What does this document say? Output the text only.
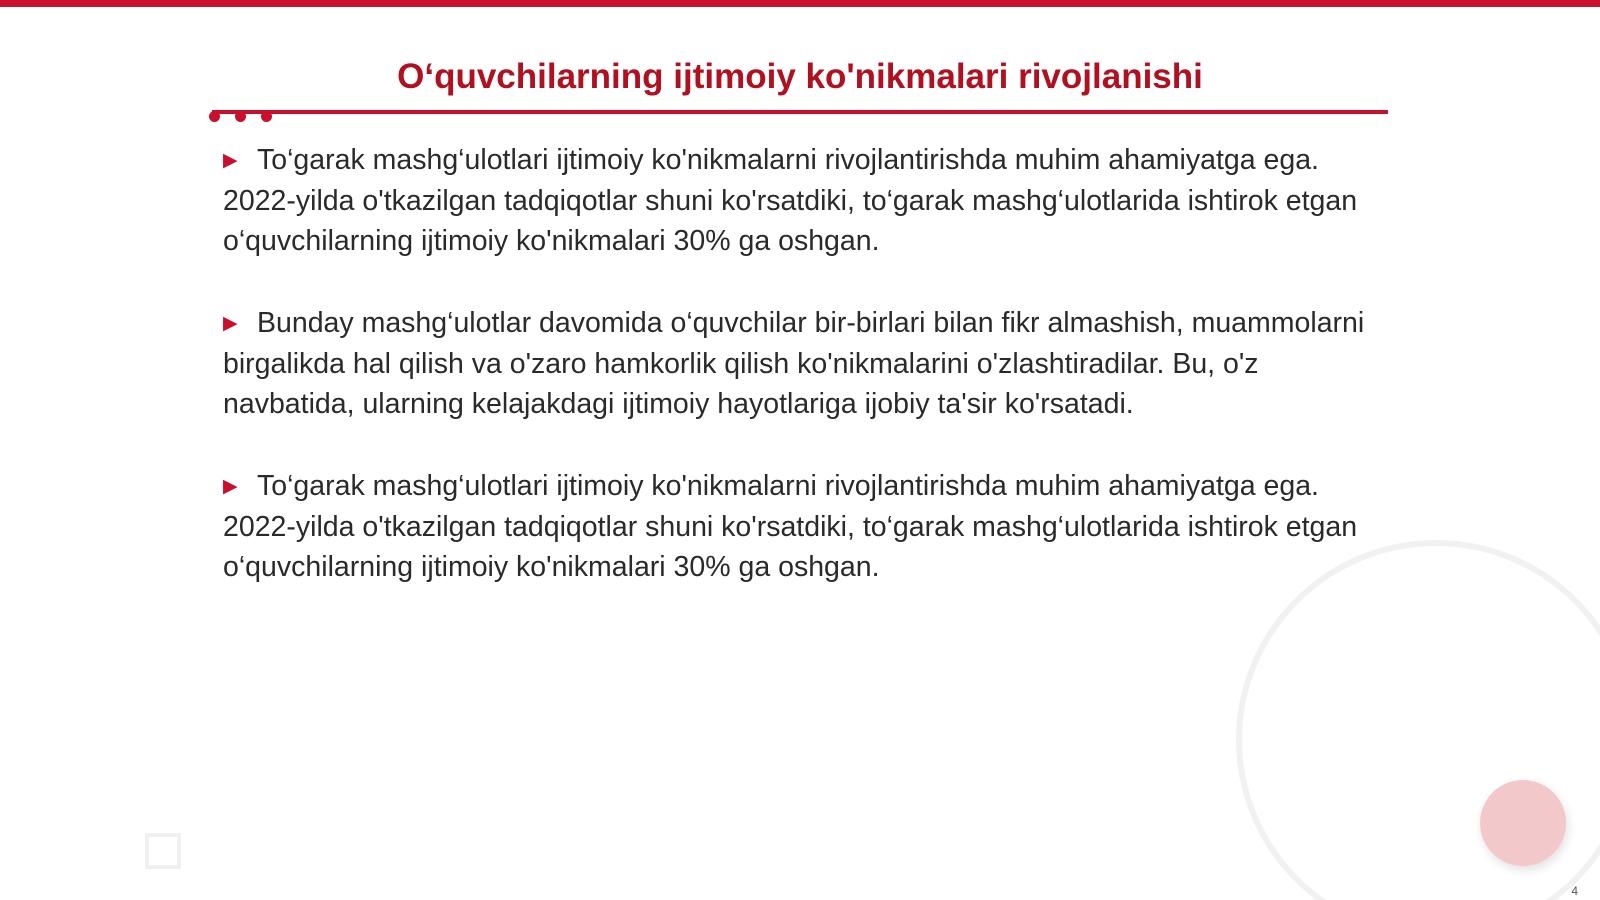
O‘quvchilarning ijtimoiy ko'nikmalari rivojlanishi

▶ To‘garak mashg‘ulotlari ijtimoiy ko'nikmalarni rivojlantirishda muhim ahamiyatga ega. 2022-yilda o'tkazilgan tadqiqotlar shuni ko'rsatdiki, to‘garak mashg‘ulotlarida ishtirok etgan o‘quvchilarning ijtimoiy ko'nikmalari 30% ga oshgan.

▶ Bunday mashg‘ulotlar davomida o‘quvchilar bir-birlari bilan fikr almashish, muammolarni birgalikda hal qilish va o'zaro hamkorlik qilish ko'nikmalarini o'zlashtiradilar. Bu, o'z navbatida, ularning kelajakdagi ijtimoiy hayotlariga ijobiy ta'sir ko'rsatadi.

▶ To‘garak mashg‘ulotlari ijtimoiy ko'nikmalarni rivojlantirishda muhim ahamiyatga ega. 2022-yilda o'tkazilgan tadqiqotlar shuni ko'rsatdiki, to‘garak mashg‘ulotlarida ishtirok etgan o‘quvchilarning ijtimoiy ko'nikmalari 30% ga oshgan.

4
